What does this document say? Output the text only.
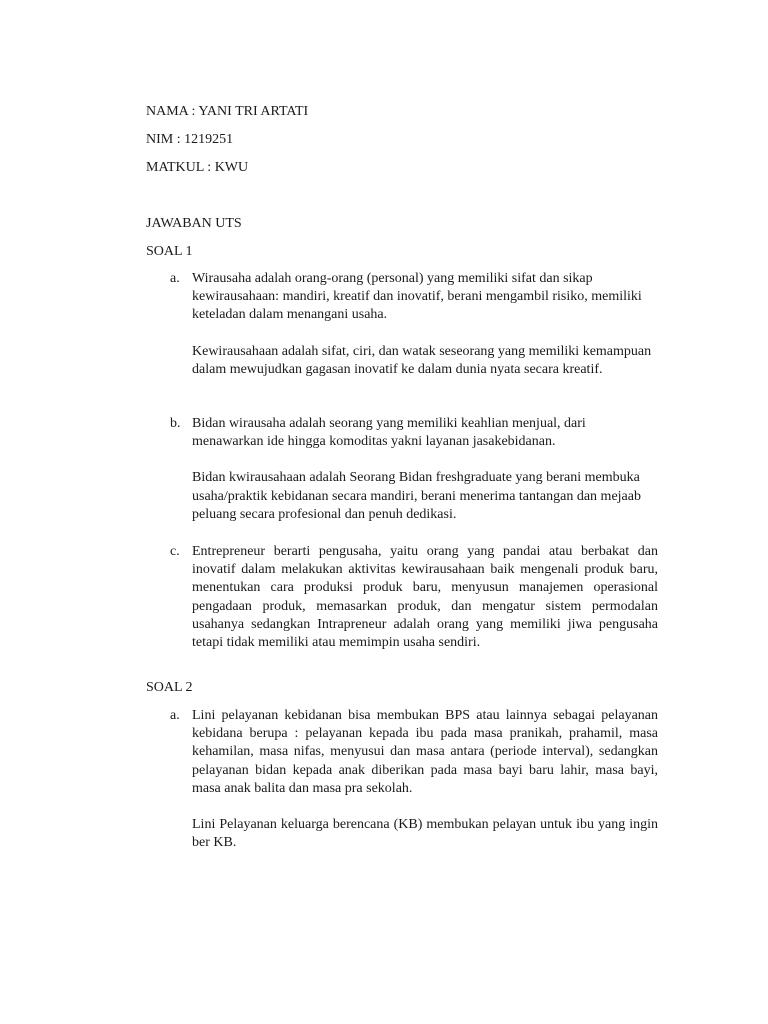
NAMA : YANI TRI ARTATI
NIM : 1219251
MATKUL : KWU
JAWABAN UTS
SOAL 1
a. Wirausaha adalah orang-orang (personal) yang memiliki sifat dan sikap kewirausahaan: mandiri, kreatif dan inovatif, berani mengambil risiko, memiliki keteladan dalam menangani usaha.

Kewirausahaan adalah sifat, ciri, dan watak seseorang yang memiliki kemampuan dalam mewujudkan gagasan inovatif ke dalam dunia nyata secara kreatif.

b. Bidan wirausaha adalah seorang yang memiliki keahlian menjual, dari menawarkan ide hingga komoditas yakni layanan jasakebidanan.

Bidan kwirausahaan adalah Seorang Bidan freshgraduate yang berani membuka usaha/praktik kebidanan secara mandiri, berani menerima tantangan dan mejaab peluang secara profesional dan penuh dedikasi.

c. Entrepreneur berarti pengusaha, yaitu orang yang pandai atau berbakat dan inovatif dalam melakukan aktivitas kewirausahaan baik mengenali produk baru, menentukan cara produksi produk baru, menyusun manajemen operasional pengadaan produk, memasarkan produk, dan mengatur sistem permodalan usahanya sedangkan Intrapreneur adalah orang yang memiliki jiwa pengusaha tetapi tidak memiliki atau memimpin usaha sendiri.

SOAL 2
a. Lini pelayanan kebidanan bisa membukan BPS atau lainnya sebagai pelayanan kebidana berupa : pelayanan kepada ibu pada masa pranikah, prahamil, masa kehamilan, masa nifas, menyusui dan masa antara (periode interval), sedangkan pelayanan bidan kepada anak diberikan pada masa bayi baru lahir, masa bayi, masa anak balita dan masa pra sekolah.

Lini Pelayanan keluarga berencana (KB) membukan pelayan untuk ibu yang ingin ber KB.
